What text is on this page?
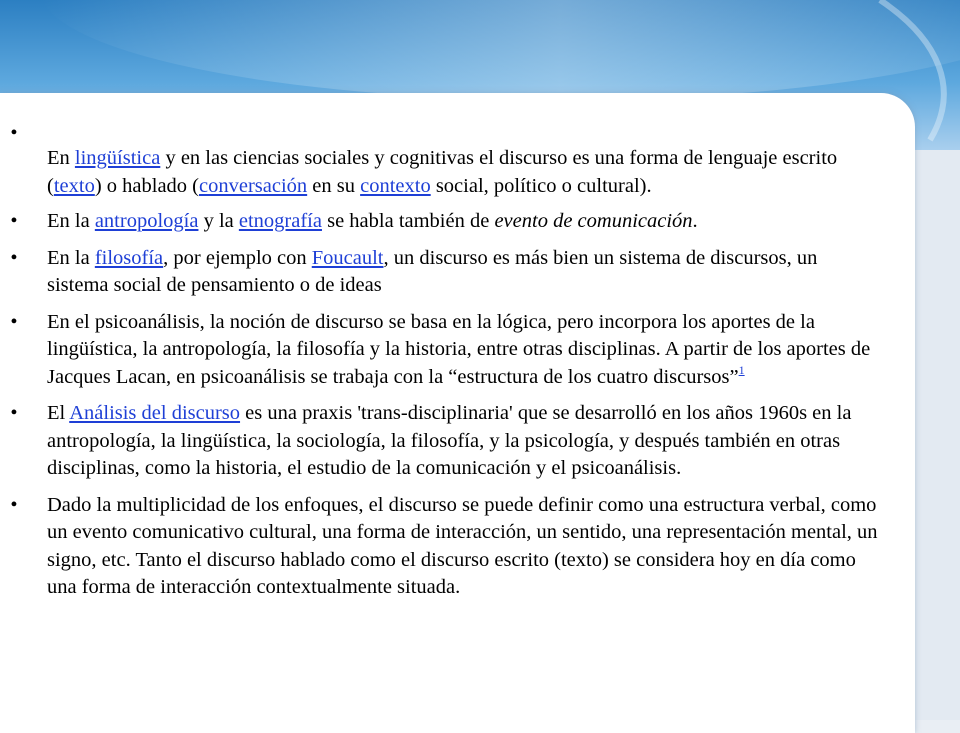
•
En lingüística y en las ciencias sociales y cognitivas el discurso es una forma de lenguaje escrito (texto) o hablado (conversación en su contexto social, político o cultural).
•	En la antropología y la etnografía se habla también de evento de comunicación.
•	En la filosofía, por ejemplo con Foucault, un discurso es más bien un sistema de discursos, un sistema social de pensamiento o de ideas
•	En el psicoanálisis, la noción de discurso se basa en la lógica, pero incorpora los aportes de la lingüística, la antropología, la filosofía y la historia, entre otras disciplinas. A partir de los aportes de Jacques Lacan, en psicoanálisis se trabaja con la “estructura de los cuatro discursos”$^1$
•	El Análisis del discurso es una praxis 'trans-disciplinaria' que se desarrolló en los años 1960s en la antropología, la lingüística, la sociología, la filosofía, y la psicología, y después también en otras disciplinas, como la historia, el estudio de la comunicación y el psicoanálisis.
•	Dado la multiplicidad de los enfoques, el discurso se puede definir como una estructura verbal, como un evento comunicativo cultural, una forma de interacción, un sentido, una representación mental, un signo, etc. Tanto el discurso hablado como el discurso escrito (texto) se considera hoy en día como una forma de interacción contextualmente situada.
